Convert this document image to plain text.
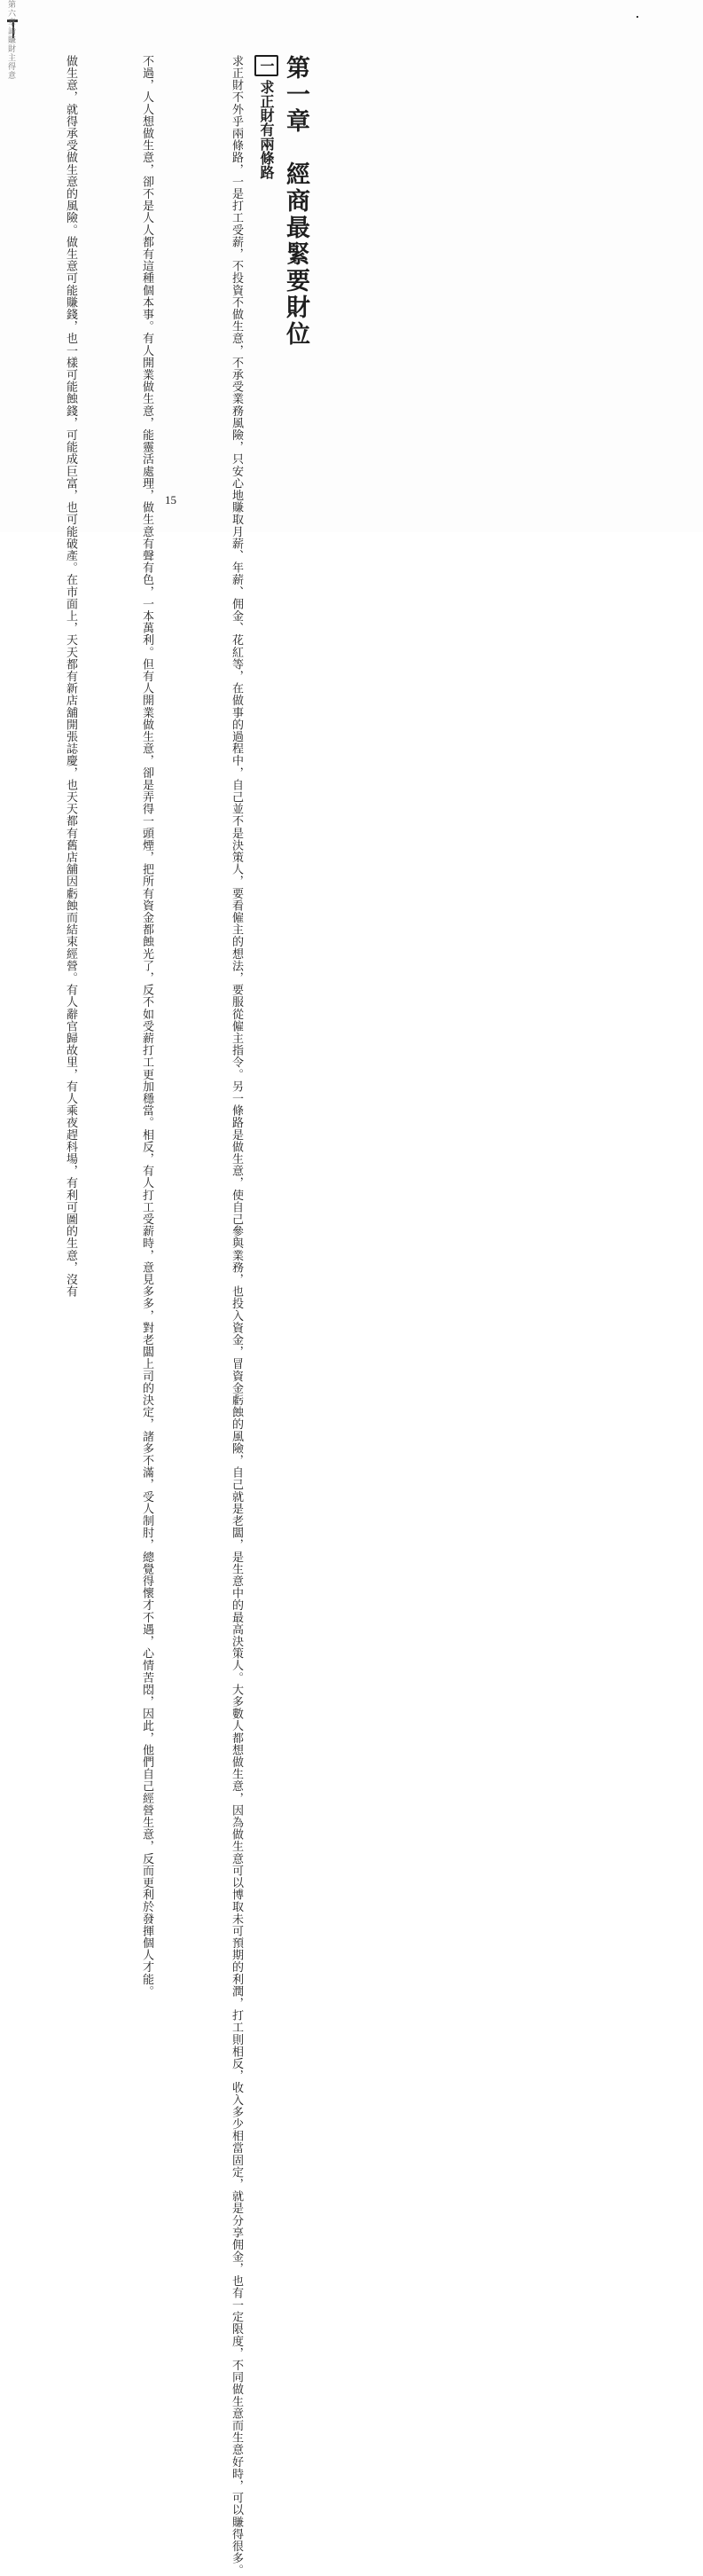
第六章論賺財主得意
第一章　經商最緊要財位
一求正財有兩條路
求正財不外乎兩條路，一是打工受薪，不投資不做生意，不承受業務風險，只安心地賺取月薪、年薪、佣金、花紅等，在做事的過程中，自己並不是決策人，要看僱主的想法，要服從僱主指令。另一條路是做生意，使自己參與業務，也投入資金，冒資金虧蝕的風險，自己就是老闆，是生意中的最高決策人。大多數人都想做生意，因為做生意可以博取未可預期的利潤，打工則相反，收入多少相當固定，就是分享佣金，也有一定限度，不同做生意而生意好時，可以賺得很多。
不過，人人想做生意，卻不是人人都有這種個本事。有人開業做生意，能靈活處理，做生意有聲有色，一本萬利。但有人開業做生意，卻是弄得一頭煙，把所有資金都蝕光了，反不如受薪打工更加穩當。相反，有人打工受薪時，意見多多，對老闆上司的決定，諸多不滿，受人制肘，總覺得懷才不遇，心情苦悶，因此，他們自己經營生意，反而更利於發揮個人才能。
做生意，就得承受做生意的風險。做生意可能賺錢，也一樣可能蝕錢，可能成巨富，也可能破產。在市面上，天天都有新店舖開張誌慶，也天天都有舊店舖因虧蝕而結束經營。有人辭官歸故里，有人乘夜趕科場，有利可圖的生意，沒有	15
